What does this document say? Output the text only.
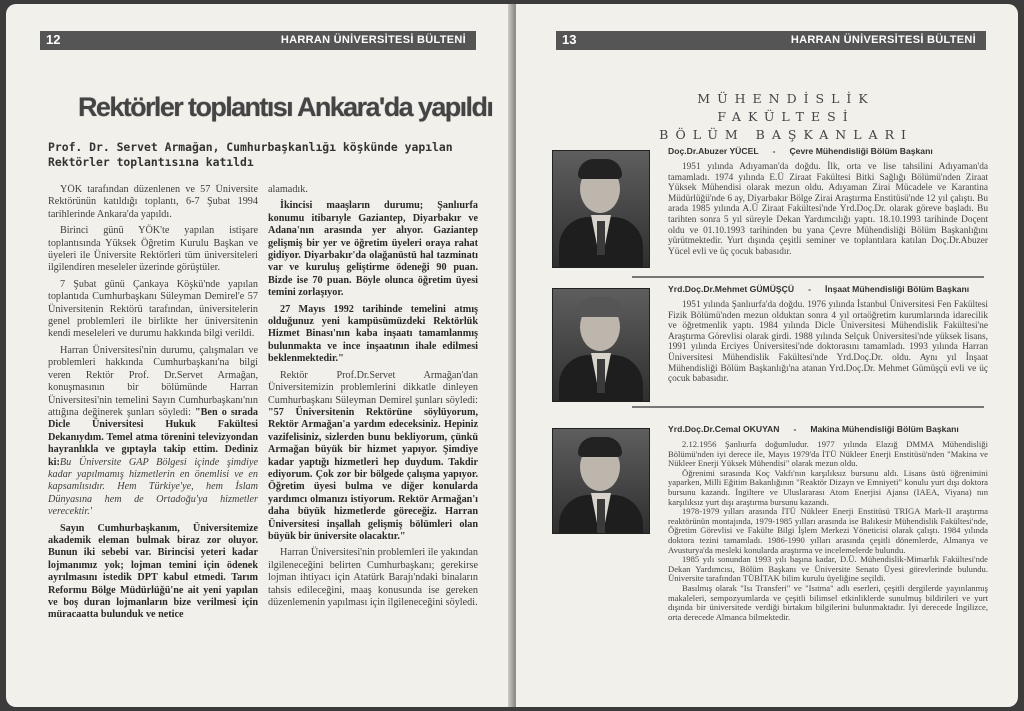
12	HARRAN ÜNİVERSİTESİ BÜLTENİ
Rektörler toplantısı Ankara'da yapıldı
Prof. Dr. Servet Armağan, Cumhurbaşkanlığı köşkünde yapılan Rektörler toplantısına katıldı

YÖK tarafından düzenlenen ve 57 Üniversite Rektörünün katıldığı toplantı, 6-7 Şubat 1994 tarihlerinde Ankara'da yapıldı.

Birinci günü YÖK'te yapılan istişare toplantısında Yüksek Öğretim Kurulu Başkan ve üyeleri ile Üniversite Rektörleri tüm üniversiteleri ilgilendiren meseleler üzerinde görüştüler.

7 Şubat günü Çankaya Köşkü'nde yapılan toplantıda Cumhurbaşkanı Süleyman Demirel'e 57 Üniversitenin Rektörü tarafından, üniversitelerin genel problemleri ile birlikte her üniversitenin kendi meseleleri ve durumu hakkında bilgi verildi.

Harran Üniversitesi'nin durumu, çalışmaları ve problemleri hakkında Cumhurbaşkanı'na bilgi veren Rektör Prof. Dr.Servet Armağan, konuşmasının bir bölümünde Harran Üniversitesi'nin temelini Sayın Cumhurbaşkanı'nın attığına değinerek şunları söyledi: "Ben o sırada Dicle Üniversitesi Hukuk Fakültesi Dekanıydım. Temel atma törenini televizyondan hayranlıkla ve gıptayla takip ettim. Dediniz ki:Bu Üniversite GAP Bölgesi içinde şimdiye kadar yapılmamış hizmetlerin en önemlisi ve en kapsamlısıdır. Hem Türkiye'ye, hem İslam Dünyasına hem de Ortadoğu'ya hizmetler verecektir.'

Sayın Cumhurbaşkanım, Üniversitemize akademik eleman bulmak biraz zor oluyor. Bunun iki sebebi var. Birincisi yeteri kadar lojmanımız yok; lojman temini için ödenek ayrılmasını istedik DPT kabul etmedi. Tarım Reformu Bölge Müdürlüğü'ne ait yeni yapılan ve boş duran lojmanların bize verilmesi için müracaatta bulunduk ve netice

alamadık.

İkincisi maaşların durumu; Şanlıurfa konumu itibarıyle Gaziantep, Diyarbakır ve Adana'nın arasında yer alıyor. Gaziantep gelişmiş bir yer ve öğretim üyeleri oraya rahat gidiyor. Diyarbakır'da olağanüstü hal tazminatı var ve kuruluş geliştirme ödeneği 90 puan. Bizde ise 70 puan. Böyle olunca öğretim üyesi temini zorlaşıyor.

27 Mayıs 1992 tarihinde temelini atmış olduğunuz yeni kampüsümüzdeki Rektörlük Hizmet Binası'nın kaba inşaatı tamamlanmış bulunmakta ve ince inşaatının ihale edilmesi beklenmektedir."

Rektör Prof.Dr.Servet Armağan'dan Üniversitemizin problemlerini dikkatle dinleyen Cumhurbaşkanı Süleyman Demirel şunları söyledi: "57 Üniversitenin Rektörüne söylüyorum, Rektör Armağan'a yardım edeceksiniz. Hepiniz vazifelisiniz, sizlerden bunu bekliyorum, çünkü Armağan büyük bir hizmet yapıyor. Şimdiye kadar yaptığı hizmetleri hep duydum. Takdir ediyorum. Çok zor bir bölgede çalışma yapıyor. Öğretim üyesi bulma ve diğer konularda yardımcı olmanızı istiyorum. Rektör Armağan'ı daha büyük hizmetlerde göreceğiz. Harran Üniversitesi inşallah gelişmiş bölümleri olan büyük bir üniversite olacaktır."

Harran Üniversitesi'nin problemleri ile yakından ilgileneceğini belirten Cumhurbaşkanı; gerekirse lojman ihtiyacı için Atatürk Barajı'ndaki binaların tahsis edileceğini, maaş konusunda ise gereken düzenlemenin yapılması için ilgileneceğini söyledi.

13	HARRAN ÜNİVERSİTESİ BÜLTENİ
MÜHENDİSLİK FAKÜLTESİ
BÖLÜM BAŞKANLARI
Doç.Dr.Abuzer YÜCEL - Çevre Mühendisliği Bölüm Başkanı
1951 yılında Adıyaman'da doğdu. İlk, orta ve lise tahsilini Adıyaman'da tamamladı. 1974 yılında E.Ü Ziraat Fakültesi Bitki Sağlığı Bölümü'nden Ziraat Yüksek Mühendisi olarak mezun oldu. Adıyaman Zirai Mücadele ve Karantina Müdürlüğü'nde 6 ay, Diyarbakır Bölge Zirai Araştırma Enstitüsü'nde 12 yıl çalıştı. Bu arada 1985 yılında A.Ü Ziraat Fakültesi'nde Yrd.Doç.Dr. olarak göreve başladı. Bu tarihten sonra 5 yıl süreyle Dekan Yardımcılığı yaptı. 18.10.1993 tarihinde Doçent oldu ve 01.10.1993 tarihinden bu yana Çevre Mühendisliği Bölüm Başkanlığını yürütmektedir. Yurt dışında çeşitli seminer ve toplantılara katılan Doç.Dr.Abuzer Yücel evli ve üç çocuk babasıdır.
Yrd.Doç.Dr.Mehmet GÜMÜŞÇÜ - İnşaat Mühendisliği Bölüm Başkanı
1951 yılında Şanlıurfa'da doğdu. 1976 yılında İstanbul Üniversitesi Fen Fakültesi Fizik Bölümü'nden mezun olduktan sonra 4 yıl ortaöğretim kurumlarında idarecilik ve öğretmenlik yaptı. 1984 yılında Dicle Üniversitesi Mühendislik Fakültesi'ne Araştırma Görevlisi olarak girdi. 1988 yılında Selçuk Üniversitesi'nde yüksek lisans, 1991 yılında Erciyes Üniversitesi'nde doktorasını tamamladı. 1993 yılında Harran Üniversitesi Mühendislik Fakültesi'nde Yrd.Doç.Dr. oldu. Aynı yıl İnşaat Mühendisliği Bölüm Başkanlığı'na atanan Yrd.Doç.Dr. Mehmet Gümüşçü evli ve üç çocuk babasıdır.
Yrd.Doç.Dr.Cemal OKUYAN - Makina Mühendisliği Bölüm Başkanı

2.12.1956 Şanlıurfa doğumludur. 1977 yılında Elazığ DMMA Mühendisliği Bölümü'nden iyi derece ile, Mayıs 1979'da İTÜ Nükleer Enerji Enstitüsü'nden "Makina ve Nükleer Enerji Yüksek Mühendisi" olarak mezun oldu.

Öğrenimi sırasında Koç Vakfı'nın karşılıksız bursunu aldı. Lisans üstü öğrenimini yaparken, Milli Eğitim Bakanlığının "Reaktör Dizayn ve Emniyeti" konulu yurt dışı doktora bursunu kazandı. İngiltere ve Uluslararası Atom Enerjisi Ajansı (IAEA, Viyana) nın karşılıksız yurt dışı araştırma bursunu kazandı.

1978-1979 yılları arasında İTÜ Nükleer Enerji Enstitüsü TRIGA Mark-II araştırma reaktörünün montajında, 1979-1985 yılları arasında ise Balıkesir Mühendislik Fakültesi'nde, Öğretim Görevlisi ve Fakülte Bilgi İşlem Merkezi Yöneticisi olarak çalıştı. 1984 yılında doktora tezini tamamladı. 1986-1990 yılları arasında çeşitli dönemlerde, Almanya ve Avusturya'da mesleki konularda araştırma ve incelemelerde bulundu.

1985 yılı sonundan 1993 yılı başına kadar, D.Ü. Mühendislik-Mimarlık Fakültesi'nde Dekan Yardımcısı, Bölüm Başkanı ve Üniversite Senato Üyesi görevlerinde bulundu. Üniversite tarafından TÜBİTAK bilim kurulu üyeliğine seçildi.

Basılmış olarak "Isı Transferi" ve "Isıtma" adlı eserleri, çeşitli dergilerde yayınlanmış makaleleri, sempozyumlarda ve çeşitli bilimsel etkinliklerde sunulmuş bildirileri ve yurt dışında bir üniversitede verdiği birtakım bilgilerini bulunmaktadır. İyi derecede İngilizce, orta derecede Almanca bilmektedir.
